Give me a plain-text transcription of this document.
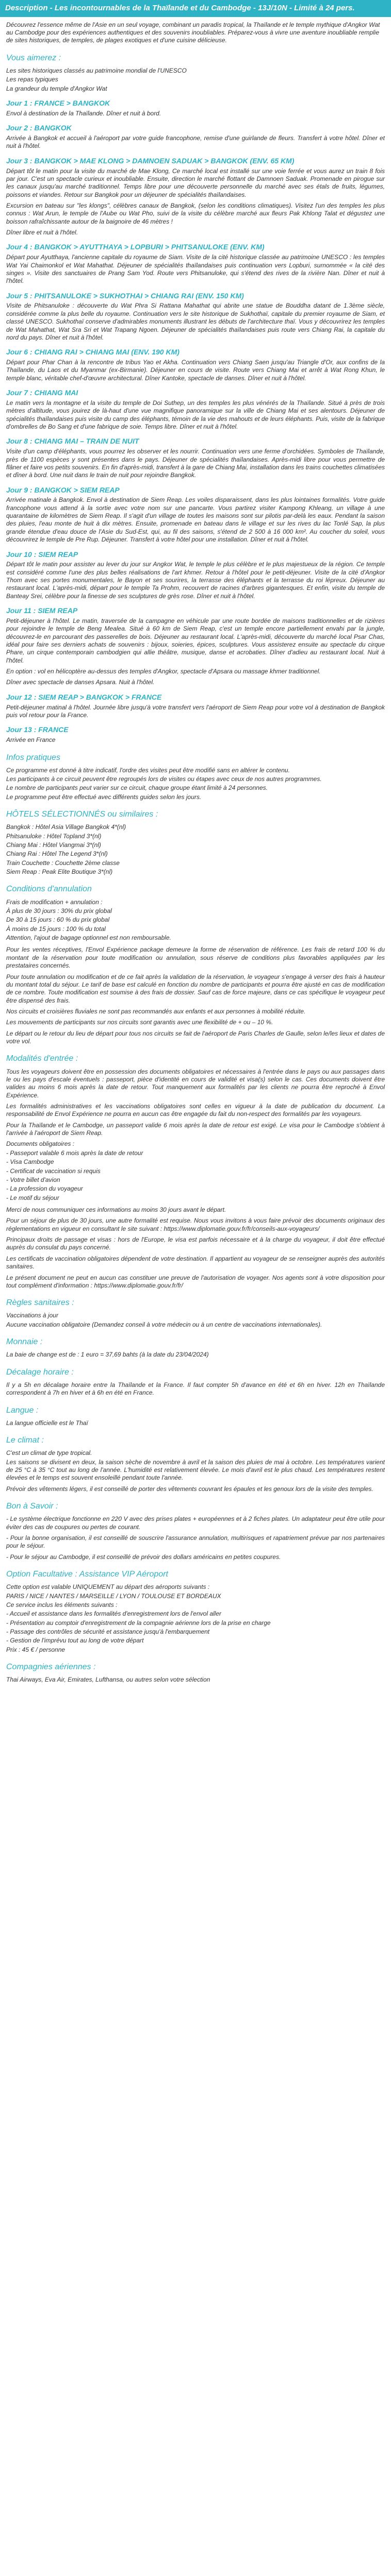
Description - Les incontournables de la Thaïlande et du Cambodge - 13J/10N - Limité à 24 pers.
Découvrez l'essence même de l'Asie en un seul voyage, combinant un paradis tropical, la Thaïlande et le temple mythique d'Angkor Wat au Cambodge pour des expériences authentiques et des souvenirs inoubliables. Préparez-vous à vivre une aventure inoubliable remplie de sites historiques, de temples, de plages exotiques et d'une cuisine délicieuse.
Vous aimerez :
Les sites historiques classés au patrimoine mondial de l'UNESCO
Les repas typiques
La grandeur du temple d'Angkor Wat
Jour 1 : FRANCE > BANGKOK
Envol à destination de la Thaïlande. Dîner et nuit à bord.
Jour 2 : BANGKOK
Arrivée à Bangkok et accueil à l'aéroport par votre guide francophone, remise d'une guirlande de fleurs. Transfert à votre hôtel. Dîner et nuit à l'hôtel.
Jour 3 : BANGKOK > MAE KLONG > DAMNOEN SADUAK > BANGKOK (ENV. 65 KM)
Départ tôt le matin pour la visite du marché de Mae Klong, Ce marché local est installé sur une voie ferrée et vous aurez un train 8 fois par jour. C'est un spectacle curieux et inoubliable. Ensuite, direction le marché flottant de Damnoen Saduak. Promenade en pirogue sur les canaux jusqu'au marché traditionnel. Temps libre pour une découverte personnelle du marché avec ses étals de fruits, légumes, poissons et viandes. Retour sur Bangkok pour un déjeuner de spécialités thaïlandaises.
Excursion en bateau sur "les klongs", célèbres canaux de Bangkok, (selon les conditions climatiques). Visitez l'un des temples les plus connus : Wat Arun, le temple de l'Aube ou Wat Pho, suivi de la visite du célèbre marché aux fleurs Pak Khlong Talat et dégustez une boisson rafraîchissante autour de la baignoire de 46 mètres !
Dîner libre et nuit à l'hôtel.
Jour 4 : BANGKOK > AYUTTHAYA > LOPBURI > PHITSANULOKE (ENV. KM)
Départ pour Ayutthaya, l'ancienne capitale du royaume de Siam. Visite de la cité historique classée au patrimoine UNESCO : les temples Wat Yai Chaimonkol et Wat Mahathat. Déjeuner de spécialités thaïlandaises puis continuation vers Lopburi, surnommée « la cité des singes ». Visite des sanctuaires de Prang Sam Yod. Route vers Phitsanuloke, qui s'étend des rives de la rivière Nan. Dîner et nuit à l'hôtel.
Jour 5 : PHITSANULOKE > SUKHOTHAI > CHIANG RAI (ENV. 150 KM)
Visite de Phitsanuloke : découverte du Wat Phra Si Rattana Mahathat qui abrite une statue de Bouddha datant de 1.3ème siècle, considérée comme la plus belle du royaume. Continuation vers le site historique de Sukhothaï, capitale du premier royaume de Siam, et classé UNESCO. Sukhothaï conserve d'admirables monuments illustrant les débuts de l'architecture thaï. Vous y découvrirez les temples de Wat Mahathat, Wat Sra Sri et Wat Trapang Ngoen. Déjeuner de spécialités thaïlandaises puis route vers Chiang Rai, la capitale du nord du pays. Dîner et nuit à l'hôtel.
Jour 6 : CHIANG RAI > CHIANG MAI (ENV. 190 KM)
Départ pour Phar Chan à la rencontre de tribus Yao et Akha. Continuation vers Chiang Saen jusqu'au Triangle d'Or, aux confins de la Thaïlande, du Laos et du Myanmar (ex-Birmanie). Déjeuner en cours de visite. Route vers Chiang Mai et arrêt à Wat Rong Khun, le temple blanc, véritable chef-d'œuvre architectural. Dîner Kantoke, spectacle de danses. Dîner et nuit à l'hôtel.
Jour 7 : CHIANG MAI
Le matin vers la montagne et la visite du temple de Doi Suthep, un des temples les plus vénérés de la Thaïlande. Situé à près de trois mètres d'altitude, vous jouirez de là-haut d'une vue magnifique panoramique sur la ville de Chiang Mai et ses alentours. Déjeuner de spécialités thaïlandaises puis visite du camp des éléphants, témoin de la vie des mahouts et de leurs éléphants. Puis, visite de la fabrique d'ombrelles de Bo Sang et d'une fabrique de soie. Temps libre. Dîner et nuit à l'hôtel.
Jour 8 : CHIANG MAI – TRAIN DE NUIT
Visite d'un camp d'éléphants, vous pourrez les observer et les nourrir. Continuation vers une ferme d'orchidées. Symboles de Thaïlande, près de 1100 espèces y sont présentes dans le pays. Déjeuner de spécialités thaïlandaises. Après-midi libre pour vous permettre de flâner et faire vos petits souvenirs. En fin d'après-midi, transfert à la gare de Chiang Mai, installation dans les trains couchettes climatisées et dîner à bord. Une nuit dans le train de nuit pour rejoindre Bangkok.
Jour 9 : BANGKOK > SIEM REAP
Arrivée matinale à Bangkok. Envol à destination de Siem Reap. Les voiles disparaissent, dans les plus lointaines formalités. Votre guide francophone vous attend à la sortie avec votre nom sur une pancarte. Vous partirez visiter Kampong Khleang, un village à une quarantaine de kilomètres de Siem Reap. Il s'agit d'un village de toutes les maisons sont sur pilotis par-delà les eaux. Pendant la saison des pluies, l'eau monte de huit à dix mètres. Ensuite, promenade en bateau dans le village et sur les rives du lac Tonlé Sap, la plus grande étendue d'eau douce de l'Asie du Sud-Est, qui, au fil des saisons, s'étend de 2 500 à 16 000 km². Au coucher du soleil, vous découvrirez le temple de Pre Rup. Déjeuner. Transfert à votre hôtel pour une installation. Dîner et nuit à l'hôtel.
Jour 10 : SIEM REAP
Départ tôt le matin pour assister au lever du jour sur Angkor Wat, le temple le plus célèbre et le plus majestueux de la région. Ce temple est considéré comme l'une des plus belles réalisations de l'art khmer. Retour à l'hôtel pour le petit-déjeuner. Visite de la cité d'Angkor Thom avec ses portes monumentales, le Bayon et ses sourires, la terrasse des éléphants et la terrasse du roi lépreux. Déjeuner au restaurant local. L'après-midi, départ pour le temple Ta Prohm, recouvert de racines d'arbres gigantesques. Et enfin, visite du temple de Banteay Srei, célèbre pour la finesse de ses sculptures de grès rose. Dîner et nuit à l'hôtel.
Jour 11 : SIEM REAP
Petit-déjeuner à l'hôtel. Le matin, traversée de la campagne en véhicule par une route bordée de maisons traditionnelles et de rizières pour rejoindre le temple de Beng Mealea. Situé à 60 km de Siem Reap, c'est un temple encore partiellement envahi par la jungle, découvrez-le en parcourant des passerelles de bois. Déjeuner au restaurant local. L'après-midi, découverte du marché local Psar Chas, idéal pour faire ses derniers achats de souvenirs : bijoux, soieries, épices, sculptures. Vous assisterez ensuite au spectacle du cirque Phare, un cirque contemporain cambodgien qui allie théâtre, musique, danse et acrobaties. Dîner d'adieu au restaurant local. Nuit à l'hôtel.
En option : vol en hélicoptère au-dessus des temples d'Angkor, spectacle d'Apsara ou massage khmer traditionnel.
Dîner avec spectacle de danses Apsara. Nuit à l'hôtel.
Jour 12 : SIEM REAP > BANGKOK > FRANCE
Petit-déjeuner matinal à l'hôtel. Journée libre jusqu'à votre transfert vers l'aéroport de Siem Reap pour votre vol à destination de Bangkok puis vol retour pour la France.
Jour 13 : FRANCE
Arrivée en France
Infos pratiques
Ce programme est donné à titre indicatif, l'ordre des visites peut être modifié sans en altérer le contenu.
Les participants à ce circuit peuvent être regroupés lors de visites ou étapes avec ceux de nos autres programmes.
Le nombre de participants peut varier sur ce circuit, chaque groupe étant limité à 24 personnes.
Le programme peut être effectué avec différents guides selon les jours.
HÔTELS SÉLECTIONNÉS ou similaires :
Bangkok : Hôtel Asia Village Bangkok 4*(nl)
Phitsanuloke : Hôtel Topland 3*(nl)
Chiang Mai : Hôtel Viangmai 3*(nl)
Chiang Rai : Hôtel The Legend 3*(nl)
Train Couchette : Couchette 2ème classe
Siem Reap : Peak Elite Boutique 3*(nl)
Conditions d'annulation
Frais de modification + annulation :
À plus de 30 jours : 30% du prix global
De 30 à 15 jours : 60 % du prix global
À moins de 15 jours : 100 % du total
Attention, l'ajout de bagage optionnel est non remboursable.
Pour les ventes réceptives, l'Envol Expérience package demeure la forme de réservation de référence. Les frais de retard 100 % du montant de la réservation pour toute modification ou annulation, sous réserve de conditions plus favorables appliquées par les prestataires concernés.
Pour toute annulation ou modification et de ce fait après la validation de la réservation, le voyageur s'engage à verser des frais à hauteur du montant total du séjour. Le tarif de base est calculé en fonction du nombre de participants et pourra être ajusté en cas de modification de ce nombre. Toute modification est soumise à des frais de dossier. Sauf cas de force majeure, dans ce cas spécifique le voyageur peut être dispensé des frais.
Nos circuits et croisières fluviales ne sont pas recommandés aux enfants et aux personnes à mobilité réduite.
Les mouvements de participants sur nos circuits sont garantis avec une flexibilité de + ou – 10 %.
Le départ ou le retour du lieu de départ pour tous nos circuits se fait de l'aéroport de Paris Charles de Gaulle, selon le/les lieux et dates de votre vol.
Modalités d'entrée :
Tous les voyageurs doivent être en possession des documents obligatoires et nécessaires à l'entrée dans le pays ou aux passages dans le ou les pays d'escale éventuels : passeport, pièce d'identité en cours de validité et visa(s) selon le cas. Ces documents doivent être valides au moins 6 mois après la date de retour. Tout manquement aux formalités par les clients ne pourra être reproché à Envol Expérience.
Les formalités administratives et les vaccinations obligatoires sont celles en vigueur à la date de publication du document. La responsabilité de Envol Expérience ne pourra en aucun cas être engagée du fait du non-respect des formalités par les voyageurs.
Pour la Thaïlande et le Cambodge, un passeport valide 6 mois après la date de retour est exigé. Le visa pour le Cambodge s'obtient à l'arrivée à l'aéroport de Siem Reap.
Documents obligatoires :
- Passeport valable 6 mois après la date de retour
- Visa Cambodge
- Certificat de vaccination si requis
- Votre billet d'avion
- La profession du voyageur
- Le motif du séjour
Merci de nous communiquer ces informations au moins 30 jours avant le départ.
Pour un séjour de plus de 30 jours, une autre formalité est requise. Nous vous invitons à vous faire prévoir des documents originaux des réglementations en vigueur en consultant le site suivant : https://www.diplomatie.gouv.fr/fr/conseils-aux-voyageurs/
Principaux droits de passage et visas : hors de l'Europe, le visa est parfois nécessaire et à la charge du voyageur, il doit être effectué auprès du consulat du pays concerné.
Les certificats de vaccination obligatoires dépendent de votre destination. Il appartient au voyageur de se renseigner auprès des autorités sanitaires.
Le présent document ne peut en aucun cas constituer une preuve de l'autorisation de voyager. Nos agents sont à votre disposition pour tout complément d'information : https://www.diplomatie.gouv.fr/fr/
Règles sanitaires :
Vaccinations à jour
Aucune vaccination obligatoire (Demandez conseil à votre médecin ou à un centre de vaccinations internationales).
Monnaie :
La baie de change est de : 1 euro = 37,69 bahts (à la date du 23/04/2024)
Décalage horaire :
Il y a 5h en décalage horaire entre la Thaïlande et la France. Il faut compter 5h d'avance en été et 6h en hiver. 12h en Thaïlande correspondent à 7h en hiver et à 6h en été en France.
Langue :
La langue officielle est le Thaï
Le climat :
C'est un climat de type tropical.
Les saisons se divisent en deux, la saison sèche de novembre à avril et la saison des pluies de mai à octobre. Les températures varient de 25 °C à 35 °C tout au long de l'année. L'humidité est relativement élevée. Le mois d'avril est le plus chaud. Les températures restent élevées et le temps est souvent ensoleillé pendant toute l'année.
Prévoir des vêtements légers, il est conseillé de porter des vêtements couvrant les épaules et les genoux lors de la visite des temples.
Bon à Savoir :
- Le système électrique fonctionne en 220 V avec des prises plates + européennes et à 2 fiches plates. Un adaptateur peut être utile pour éviter des cas de coupures ou pertes de courant.
- Pour la bonne organisation, il est conseillé de souscrire l'assurance annulation, multirisques et rapatriement prévue par nos partenaires pour le séjour.
- Pour le séjour au Cambodge, il est conseillé de prévoir des dollars américains en petites coupures.
Option Facultative : Assistance VIP Aéroport
Cette option est valable UNIQUEMENT au départ des aéroports suivants :
PARIS / NICE / NANTES / MARSEILLE / LYON / TOULOUSE ET BORDEAUX
Ce service inclus les éléments suivants :
- Accueil et assistance dans les formalités d'enregistrement lors de l'envol aller
- Présentation au comptoir d'enregistrement de la compagnie aérienne lors de la prise en charge
- Passage des contrôles de sécurité et assistance jusqu'à l'embarquement
- Gestion de l'imprévu tout au long de votre départ
Prix : 45 € / personne
Compagnies aériennes :
Thai Airways, Eva Air, Emirates, Lufthansa, ou autres selon votre sélection
